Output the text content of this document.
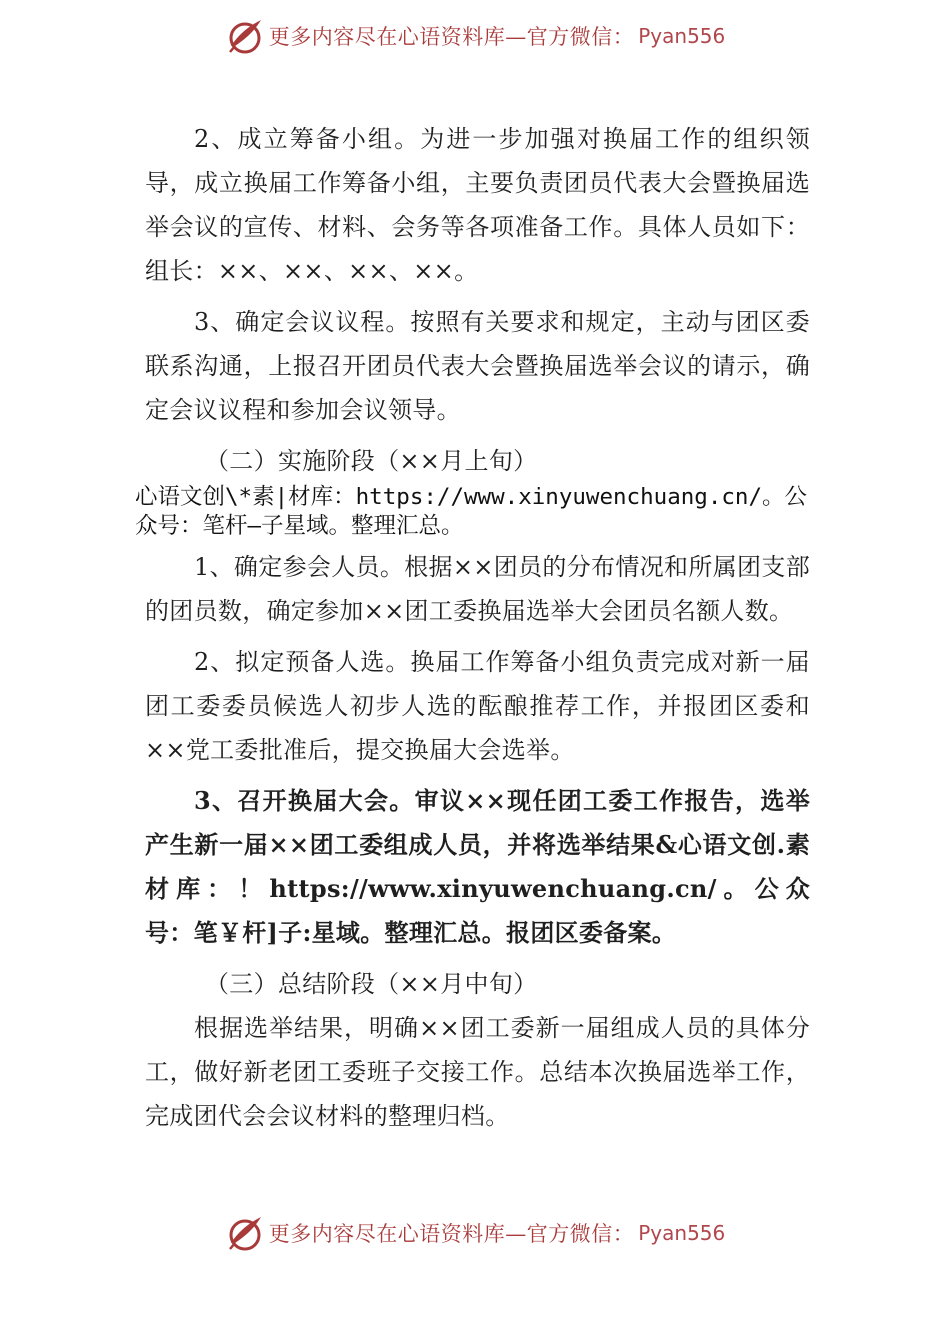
更多内容尽在心语资料库—官方微信： Pyan556

2、成立筹备小组。为进一步加强对换届工作的组织领导，成立换届工作筹备小组，主要负责团员代表大会暨换届选举会议的宣传、材料、会务等各项准备工作。具体人员如下：组长：××、××、××、××。

3、确定会议议程。按照有关要求和规定，主动与团区委联系沟通，上报召开团员代表大会暨换届选举会议的请示，确定会议议程和参加会议领导。

（二）实施阶段（××月上旬）

心语文创\*素|材库：https://www.xinyuwenchuang.cn/。公众号：笔杆—子星域。整理汇总。

1、确定参会人员。根据××团员的分布情况和所属团支部的团员数，确定参加××团工委换届选举大会团员名额人数。

2、拟定预备人选。换届工作筹备小组负责完成对新一届团工委委员候选人初步人选的酝酿推荐工作，并报团区委和××党工委批准后，提交换届大会选举。

3、召开换届大会。审议××现任团工委工作报告，选举产生新一届××团工委组成人员，并将选举结果&心语文创.素材库：！https://www.xinyuwenchuang.cn/。公众号：笔￥杆]子:星域。整理汇总。报团区委备案。

（三）总结阶段（××月中旬）

根据选举结果，明确××团工委新一届组成人员的具体分工，做好新老团工委班子交接工作。总结本次换届选举工作，完成团代会会议材料的整理归档。

更多内容尽在心语资料库—官方微信： Pyan556
